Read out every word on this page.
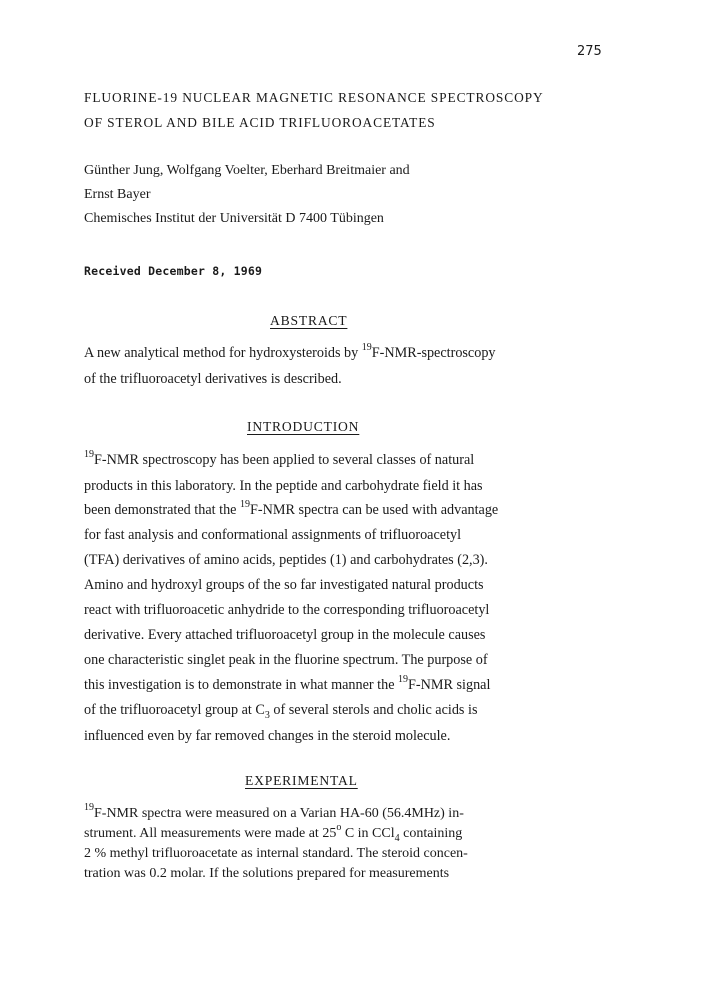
275
FLUORINE-19 NUCLEAR MAGNETIC RESONANCE SPECTROSCOPY
OF STEROL AND BILE ACID TRIFLUOROACETATES
Günther Jung, Wolfgang Voelter, Eberhard Breitmaier and
Ernst Bayer
Chemisches Institut der Universität D 7400 Tübingen
Received December 8, 1969
ABSTRACT
A new analytical method for hydroxysteroids by $^{19}$F-NMR-spectroscopy
of the trifluoroacetyl derivatives is described.
INTRODUCTION
$^{19}$F-NMR spectroscopy has been applied to several classes of natural
products in this laboratory. In the peptide and carbohydrate field it has
been demonstrated that the $^{19}$F-NMR spectra can be used with advantage
for fast analysis and conformational assignments of trifluoroacetyl
(TFA) derivatives of amino acids, peptides (1) and carbohydrates (2,3).
Amino and hydroxyl groups of the so far investigated natural products
react with trifluoroacetic anhydride to the corresponding trifluoroacetyl
derivative. Every attached trifluoroacetyl group in the molecule causes
one characteristic singlet peak in the fluorine spectrum. The purpose of
this investigation is to demonstrate in what manner the $^{19}$F-NMR signal
of the trifluoroacetyl group at $C_3$ of several sterols and cholic acids is
influenced even by far removed changes in the steroid molecule.
EXPERIMENTAL
$^{19}$F-NMR spectra were measured on a Varian HA-60 (56.4MHz) in-
strument. All measurements were made at 25$^o$ C in CCl$_4$ containing
2 % methyl trifluoroacetate as internal standard. The steroid concen-
tration was 0.2 molar. If the solutions prepared for measurements
